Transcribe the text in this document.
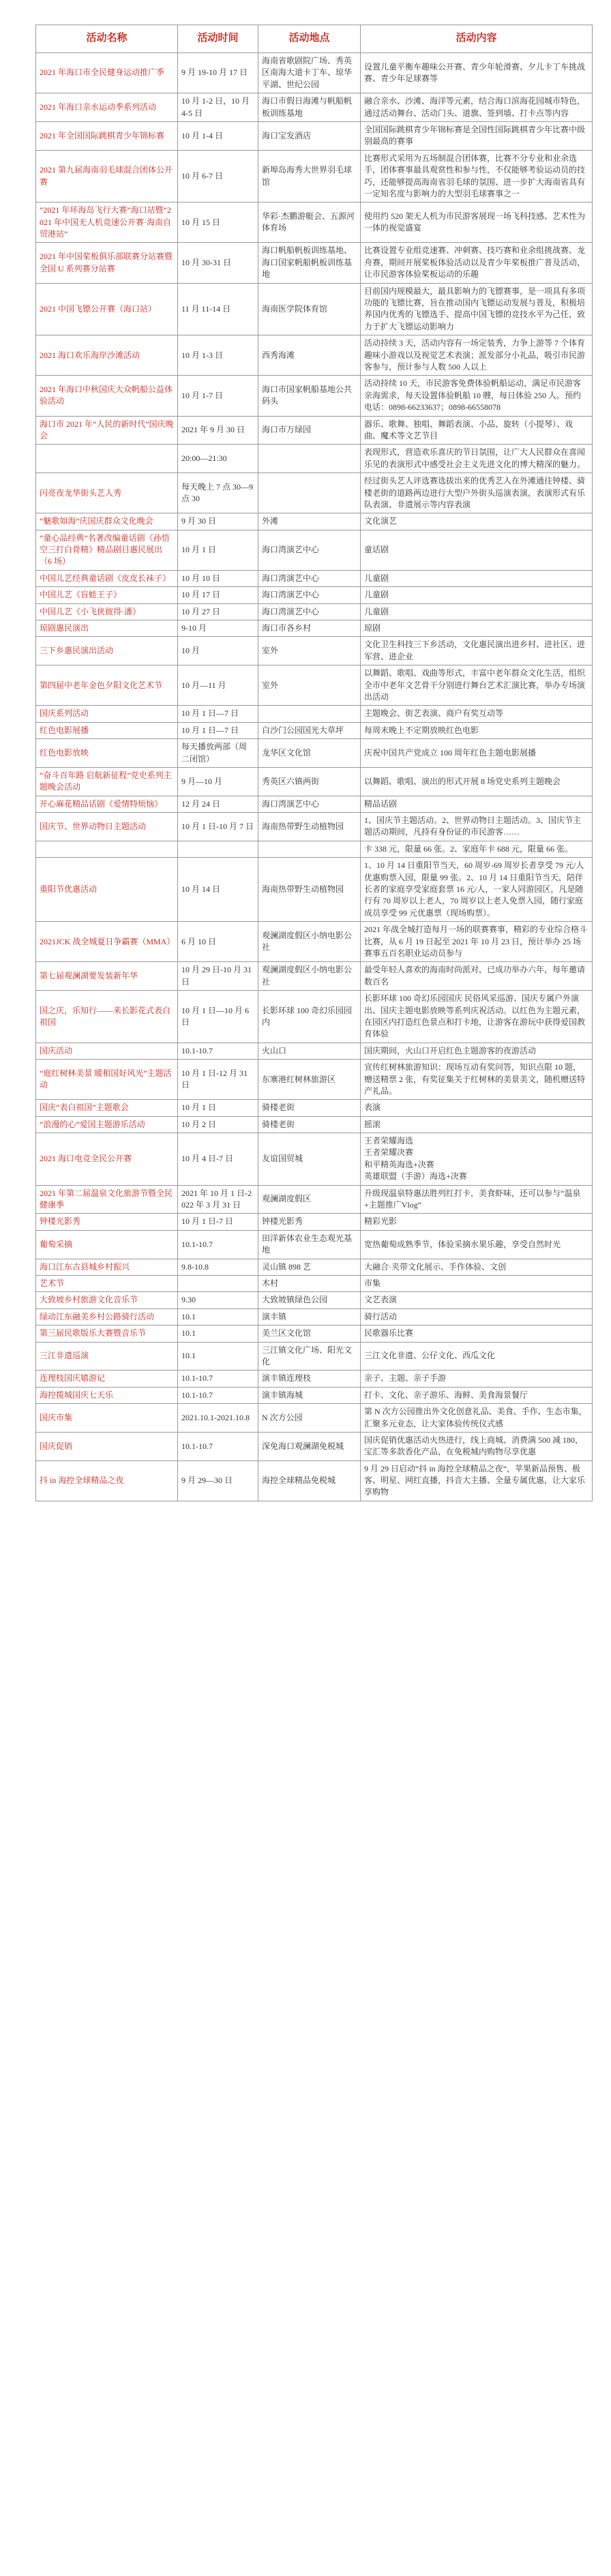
活动名称	活动时间	活动地点	活动内容
2021 年海口市全民健身运动推广季	9 月 19-10 月 17 日	海南省歌剧院广场、秀英区南海大道卡丁车、琼华平湖、世纪公园	设置儿童平衡车趣味公开赛、青少年轮滑赛、夕儿卡丁车挑战赛、青少年足球赛等
2021 年海口亲水运动季系列活动	10 月 1-2 日，10 月 4-5 日	海口市假日海滩与帆船帆板训练基地	融合亲水、沙滩、海洋等元素，结合海口滨海花园城市特色，通过活动舞台、活动门头、道旗、签到墙、打卡点等内容
2021 年全国国际跳棋青少年锦标赛	10 月 1-4 日	海口宝发酒店	全国国际跳棋青少年锦标赛是全国性国际跳棋青少年比赛中级别最高的赛事
2021 第九届海南羽毛球混合团体公开赛	10 月 6-7 日	新埠岛海秀大世界羽毛球馆	比赛形式采用为五场制混合团体赛，比赛不分专业和业余选手，团体赛事最具观赏性和参与性，不仅能够考验运动员的技巧，还能够提高海南省羽毛球的氛围、进一步扩大海南省具有一定知名度与影响力的大型羽毛球赛事之一
“2021 年环海岛飞行大赛”海口站暨“2021 年中国无人机竞速公开赛·海南自贸港站”	10 月 15 日	华彩·杰鹏游艇会、五源河体育场	使用约 520 架无人机为市民游客展现一场飞科技感、艺术性为一体的视觉盛宴
2021 年中国桨板俱乐部联赛分站赛暨全国 U 系列赛分站赛	10 月 30-31 日	海口帆船帆板训练基地、海口国家帆船帆板训练基地	比赛设置专业组竞速赛、冲刺赛、技巧赛和业余组挑战赛、龙舟赛，期间开展桨板体验活动以及青少年桨板推广普及活动，让市民游客体验桨板运动的乐趣
2021 中国飞镖公开赛（海口站）	11 月 11-14 日	海南医学院体育馆	目前国内规模最大，最具影响力的飞镖赛事，是一项具有多项功能的飞镖比赛，旨在推动国内飞镖运动发展与普及，积极培养国内优秀的飞镖选手、提高中国飞镖的竞技水平为己任，致力于扩大飞镖运动影响力
2021 海口欢乐海岸沙滩活动	10 月 1-3 日	西秀海滩	活动持续 3 天，活动内容有一场定装秀，力争上游等 7 个体育趣味小游戏以及视觉艺术表演；派发部分小礼品，吸引市民游客参与，预计参与人数 500 人以上
2021 年海口中秋国庆大众帆船公益体验活动	10 月 1-7 日	海口市国家帆船基地公共码头	活动持续 10 天，市民游客免费体验帆船运动，满足市民游客亲海需求，每天设置体验帆船 10 艘，每日体验 250 人。预约电话：0898-66233637；0898-66558078
海口市 2021 年“人民的新时代”国庆晚会	2021 年 9 月 30 日	海口市万绿园	器乐、歌舞、独唱、舞蹈表演、小品、旋转（小提琴）、戏曲、魔术等文艺节目
	20:00—21:30		表现形式，营造欢乐喜庆的节日氛围，让广大人民群众在喜闻乐见的表演形式中感受社会主义先进文化的博大精深的魅力。
闪亮夜龙华街头艺人秀	每天晚上 7 点 30—9 点 30		经过街头艺人评选赛选拔出来的优秀艺人在外滩通往钟楼、骑楼老街的道路两边进行大型户外街头巡演表演，表演形式有乐队表演、非遗展示等内容表演
“魅歌如海”庆国庆群众文化晚会	9 月 30 日	外滩	文化演艺
“童心品经典”名著改编童话剧《孙悟空三打白骨精》精品剧目惠民展出（6 场）	10 月 1 日	海口湾演艺中心	童话剧
中国儿艺经典童话剧《皮皮长袜子》	10 月 10 日	海口湾演艺中心	儿童剧
中国儿艺《盲蛙王子》	10 月 17 日	海口湾演艺中心	儿童剧
中国儿艺《小飞侠彼得·潘》	10 月 27 日	海口湾演艺中心	儿童剧
琼剧惠民演出	9-10 月	海口市各乡村	琼剧
三下乡惠民演出活动	10 月	室外	文化卫生科技三下乡活动，文化惠民演出进乡村、进社区、进军营、进企业
第四届中老年金色夕阳文化艺术节	10 月—11 月	室外	以舞蹈、歌唱、戏曲等形式，丰富中老年群众文化生活，组织全市中老年文艺骨干分别进行舞台艺术汇演比赛，举办专场演出活动
国庆系列活动	10 月 1 日—7 日		主题晚会、街艺表演、商户有奖互动等
红色电影展播	10 月 1 日—7 日	白沙门公园国光大草坪	每周末晚上不定期放映红色电影
红色电影放映	每天播放两部（周二闭馆）	龙华区文化馆	庆祝中国共产党成立 100 周年红色主题电影展播
“奋斗百年路 启航新征程”党史系列主题晚会活动	9 月—10 月	秀英区六镇两街	以舞蹈、歌唱、演出的形式开展 8 场党史系列主题晚会
开心麻花精品话剧《爱情特烦恼》	12 月 24 日	海口湾演艺中心	精品话剧
国庆节、世界动物日主题活动	10 月 1 日-10 月 7 日	海南热带野生动植物园	1、国庆节主题活动。2、世界动物日主题活动。3、国庆节主题活动期间，凡持有身份证的市民游客……
			卡 338 元，限量 66 张。2、家庭年卡 688 元，限量 66 张。
重阳节优惠活动	10 月 14 日	海南热带野生动植物园	1、10 月 14 日重阳节当天，60 周岁-69 周岁长者享受 79 元/人优惠购票入园，限量 99 张。2、10 月 14 日重阳节当天，陪伴长者的家庭享受家庭套票 16 元/人，一家人同游园区，凡是随行有 70 周岁以上老人，70 周岁以上老人免票入园，随行家庭成员享受 99 元优惠票（现场购票）。
2021JCK 战全城夏日争霸赛（MMA）	6 月 10 日	观澜湖度假区小纳电影公社	2021 年战全城打造每月一场的联赛赛事，精彩的专业综合格斗比赛，从 6 月 19 日起至 2021 年 10 月 23 日，预计举办 25 场赛事五百名职业运动员参与
第七届观澜湖要发装新年华	10 月 29 日-10 月 31 日	观澜湖度假区小纳电影公社	最受年轻人喜欢的海南时尚派对，已成功举办六年，每年邀请数百名
国之庆，乐知行——来长影花式表白祖国	10 月 1 日—10 月 6 日	长影环球 100 奇幻乐园园内	长影环球 100 奇幻乐园国庆 民俗风采巡游、国庆专属户外演出、国庆主题电影放映等系列庆祝活动。以红色为主题元素，在园区内打造红色景点和打卡地，让游客在游玩中获得爱国教育体验
国庆活动	10.1-10.7	火山口	国庆期间，火山口开启红色主题游客的夜游活动
“庭红树林美景 暖相国好风光”主题活动	10 月 1 日-12 月 31 日	东寨港红树林旅游区	宣传红树林旅游知识：现场互动有奖问答，知识点限 10 题，赠送精票 2 张，有奖征集关于红树林的美景美文，随机赠送特产礼品。
国庆“表白祖国”主题歌会	10 月 1 日	骑楼老街	表演
“浪漫的心”爱国主题游乐活动	10 月 2 日	骑楼老街	摇滚
2021 海口电竞全民公开赛	10 月 4 日-7 日	友谊国贸城	王者荣耀海选
王者荣耀决赛
和平精英海选+决赛
英雄联盟（手游）海选+决赛
2021 年第二届温泉文化旅游节暨全民健康季	2021 年 10 月 1 日-2022 年 3 月 31 日	观澜湖度假区	升级现温泉特惠法胜列红打卡，美食虾味，还可以参与“温泉+主题推广Vlog”
钟楼光影秀	10 月 1 日-7 日	钟楼光影秀	精彩光影
葡萄采摘	10.1-10.7	田洋新体农业生态观光基地	宽热葡萄成熟季节，体验采摘水果乐趣，享受自然时光
海口江东古县城乡村振兴	9.8-10.8	灵山镇 898 艺	大融合·夹带文化展示、手作体验、文创
艺术节		木村	市集
大致坡乡村旅游文化音乐节	9.30	大致坡镇绿色公园	文艺表演
绿动江东融美乡村公路骑行活动	10.1	演丰镇	骑行活动
第三届民歌版乐大赛暨音乐节	10.1	美兰区文化馆	民歌器乐比赛
三江非遗巡演	10.1	三江镇文化广场、阳光文化	三江文化非遗、公仔文化、西瓜文化
连理枝国庆嬉游记	10.1-10.7	演丰镇连理枝	亲子、主题、亲子手游
海控揽城国庆七天乐	10.1-10.7	演丰镇海城	打卡、文化、亲子游乐、海鲜、美食海景餐厅
国庆市集	2021.10.1-2021.10.8	N 次方公园	第 N 次方公园推出外文化创意礼品、美食、手作、生态市集，汇聚多元业态，让大家体验传统仪式感
国庆促销	10.1-10.7	深免海口观澜湖免税城	国庆促销优惠活动火热进行，线上商城、消费满 500 减 180，宝汇等多款香化产品，在免税城内购物尽享优惠
抖 in 海控全球精品之夜	9 月 29—30 日	海控全球精品免税城	9 月 29 日启动“抖 in 海控全球精品之夜”，苹果新品预售、极客、明星、网红直播，抖音大主播、全量专属优惠，让大家乐享购物
